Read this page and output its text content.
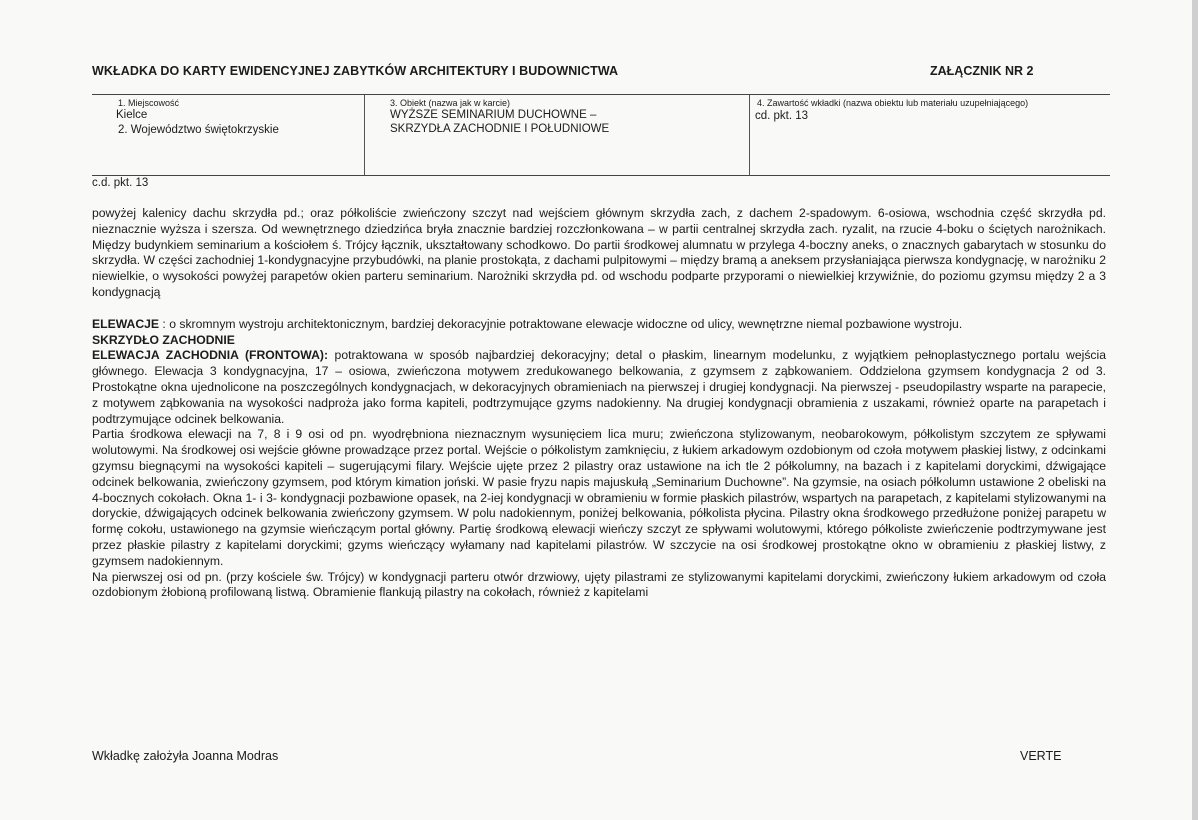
WKŁADKA DO KARTY EWIDENCYJNEJ ZABYTKÓW ARCHITEKTURY I BUDOWNICTWA	ZAŁĄCZNIK NR 2
1. Miejscowość
Kielce
2. Województwo świętokrzyskie
3. Obiekt (nazwa jak w karcie)
WYŻSZE SEMINARIUM DUCHOWNE –
SKRZYDŁA ZACHODNIE I POŁUDNIOWE
4. Zawartość wkładki (nazwa obiektu lub materiału uzupełniającego)
cd. pkt. 13
c.d. pkt. 13

powyżej kalenicy dachu skrzydła pd.; oraz półkoliście zwieńczony szczyt nad wejściem głównym skrzydła zach, z dachem 2-spadowym. 6-osiowa, wschodnia część skrzydła pd. nieznacznie wyższa i szersza. Od wewnętrznego dziedzińca bryła znacznie bardziej rozczłonkowana – w partii centralnej skrzydła zach. ryzalit, na rzucie 4-boku o ściętych narożnikach. Między budynkiem seminarium a kościołem ś. Trójcy łącznik, ukształtowany schodkowo. Do partii środkowej alumnatu w przylega 4-boczny aneks, o znacznych gabarytach w stosunku do skrzydła. W części zachodniej 1-kondygnacyjne przybudówki, na planie prostokąta, z dachami pulpitowymi – między bramą a aneksem przysłaniająca pierwsza kondygnację, w narożniku 2 niewielkie, o wysokości powyżej parapetów okien parteru seminarium. Narożniki skrzydła pd. od wschodu podparte przyporami o niewielkiej krzywiźnie, do poziomu gzymsu między 2 a 3 kondygnacją

ELEWACJE : o skromnym wystroju architektonicznym, bardziej dekoracyjnie potraktowane elewacje widoczne od ulicy, wewnętrzne niemal pozbawione wystroju.

SKRZYDŁO ZACHODNIE

ELEWACJA ZACHODNIA (FRONTOWA): potraktowana w sposób najbardziej dekoracyjny; detal o płaskim, linearnym modelunku, z wyjątkiem pełnoplastycznego portalu wejścia głównego. Elewacja 3 kondygnacyjna, 17 – osiowa, zwieńczona motywem zredukowanego belkowania, z gzymsem z ząbkowaniem. Oddzielona gzymsem kondygnacja 2 od 3. Prostokątne okna ujednolicone na poszczególnych kondygnacjach, w dekoracyjnych obramieniach na pierwszej i drugiej kondygnacji. Na pierwszej - pseudopilastry wsparte na parapecie, z motywem ząbkowania na wysokości nadproża jako forma kapiteli, podtrzymujące gzyms nadokienny. Na drugiej kondygnacji obramienia z uszakami, również oparte na parapetach i podtrzymujące odcinek belkowania.

Partia środkowa elewacji na 7, 8 i 9 osi od pn. wyodrębniona nieznacznym wysunięciem lica muru; zwieńczona stylizowanym, neobarokowym, półkolistym szczytem ze spływami wolutowymi. Na środkowej osi wejście główne prowadzące przez portal. Wejście o półkolistym zamknięciu, z łukiem arkadowym ozdobionym od czoła motywem płaskiej listwy, z odcinkami gzymsu biegnącymi na wysokości kapiteli – sugerującymi filary. Wejście ujęte przez 2 pilastry oraz ustawione na ich tle 2 półkolumny, na bazach i z kapitelami doryckimi, dźwigające odcinek belkowania, zwieńczony gzymsem, pod którym kimation joński. W pasie fryzu napis majuskułą „Seminarium Duchowne”. Na gzymsie, na osiach półkolumn ustawione 2 obeliski na 4-bocznych cokołach. Okna 1- i 3- kondygnacji pozbawione opasek, na 2-iej kondygnacji w obramieniu w formie płaskich pilastrów, wspartych na parapetach, z kapitelami stylizowanymi na doryckie, dźwigających odcinek belkowania zwieńczony gzymsem. W polu nadokiennym, poniżej belkowania, półkolista płycina. Pilastry okna środkowego przedłużone poniżej parapetu w formę cokołu, ustawionego na gzymsie wieńczącym portal główny. Partię środkową elewacji wieńczy szczyt ze spływami wolutowymi, którego półkoliste zwieńczenie podtrzymywane jest przez płaskie pilastry z kapitelami doryckimi; gzyms wieńczący wyłamany nad kapitelami pilastrów. W szczycie na osi środkowej prostokątne okno w obramieniu z płaskiej listwy, z gzymsem nadokiennym.

Na pierwszej osi od pn. (przy kościele św. Trójcy) w kondygnacji parteru otwór drzwiowy, ujęty pilastrami ze stylizowanymi kapitelami doryckimi, zwieńczony łukiem arkadowym od czoła ozdobionym żłobioną profilowaną listwą. Obramienie flankują pilastry na cokołach, również z kapitelami

Wkładkę założyła Joanna Modras	VERTE
